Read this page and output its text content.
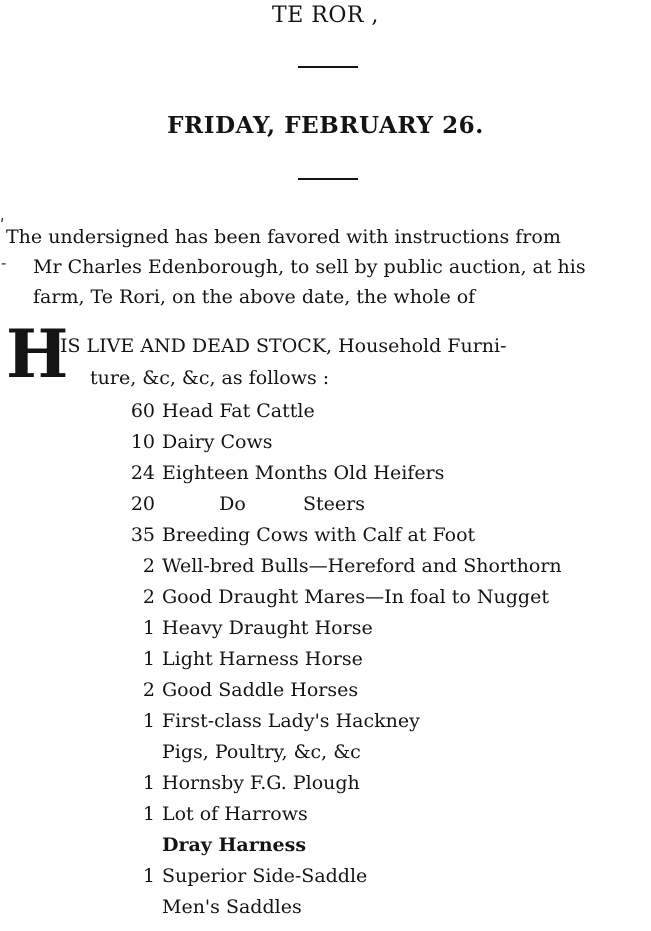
TE ROR ,
FRIDAY, FEBRUARY 26.
ʹ
‑
The undersigned has been favored with instructions from
Mr Charles Edenborough, to sell by public auction, at his
farm, Te Rori, on the above date, the whole of
H
IS LIVE AND DEAD STOCK, Household Furni-
ture, &c, &c, as follows :
60 Head Fat Cattle
10 Dairy Cows
24 Eighteen Months Old Heifers
20	Do	Steers
35 Breeding Cows with Calf at Foot
2 Well-bred Bulls—Hereford and Shorthorn
2 Good Draught Mares—In foal to Nugget
1 Heavy Draught Horse
1 Light Harness Horse
2 Good Saddle Horses
1 First-class Lady's Hackney
Pigs, Poultry, &c, &c
1 Hornsby F.G. Plough
1 Lot of Harrows
Dray Harness
1 Superior Side-Saddle
Men's Saddles
